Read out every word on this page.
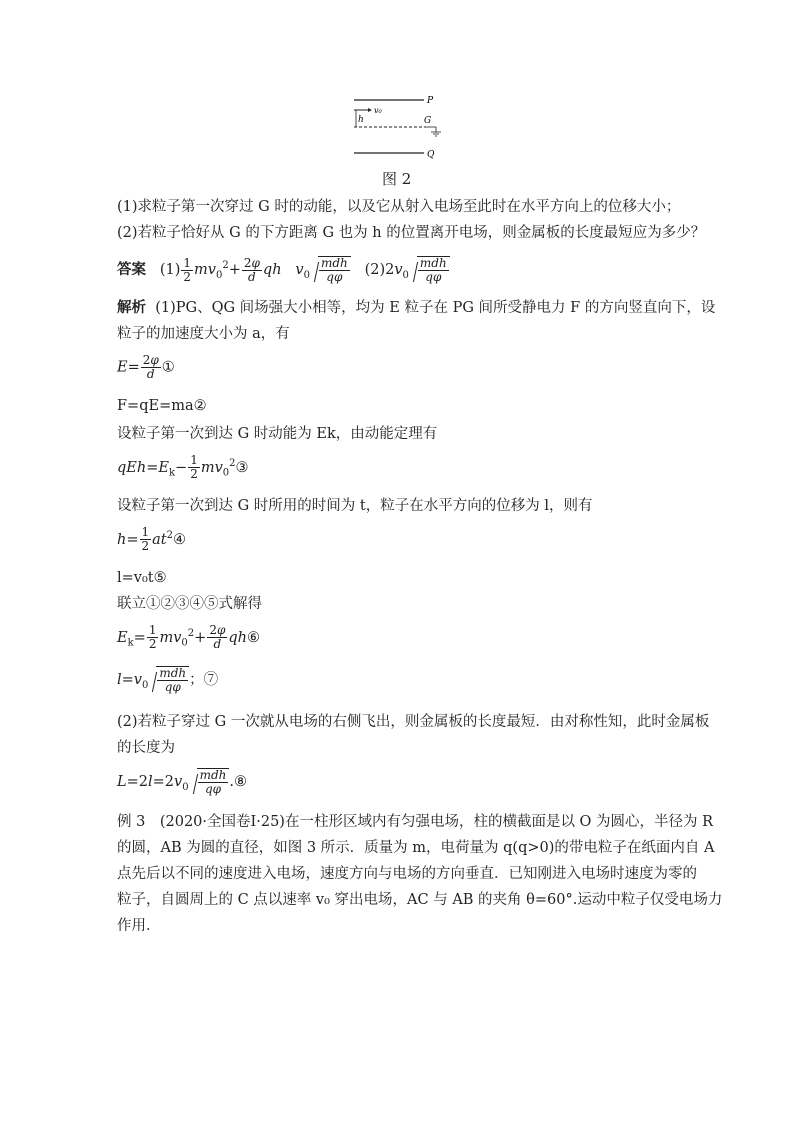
P
G
Q
h
v₀
图 2
(1)求粒子第一次穿过 G 时的动能，以及它从射入电场至此时在水平方向上的位移大小；
(2)若粒子恰好从 G 的下方距离 G 也为 h 的位置离开电场，则金属板的长度最短应为多少？
答案   $(1) \frac{1}{2} mv_0^2+ \frac{2\varphi}{d}$ qh $v_0 \frac{\text{mdh}}{q\varphi} (2)2v_0 \frac{\text{mdh}}{q\varphi}$
解析 (1)PG、QG 间场强大小相等，均为 E 粒子在 PG 间所受静电力 F 的方向竖直向下，设
粒子的加速度大小为 a，有
$E= \frac{2\varphi}{d}$ ①
F=qE=ma②
设粒子第一次到达 G 时动能为 Ek，由动能定理有
$qEh=E_k- \frac{1}{2}$ $mv_0^2③$
设粒子第一次到达 G 时所用的时间为 t，粒子在水平方向的位移为 l，则有
$h= \frac{1}{2}$ $at^2④$
l=v₀t⑤
联立①②③④⑤式解得
$E_k= \frac{1}{2} mv_0^2+ \frac{2\varphi}{d}$ qh⑥
$l=v_0 \frac{\text{mdh}}{q\varphi}$ ；⑦
(2)若粒子穿过 G 一次就从电场的右侧飞出，则金属板的长度最短．由对称性知，此时金属板
的长度为
$L=2l=2v_0 \frac{\text{mdh}}{q\varphi}$ .⑧
例 3　(2020·全国卷Ⅰ·25)在一柱形区域内有匀强电场，柱的横截面是以 O 为圆心，半径为 R
的圆，AB 为圆的直径，如图 3 所示．质量为 m，电荷量为 q(q>0)的带电粒子在纸面内自 A
点先后以不同的速度进入电场，速度方向与电场的方向垂直．已知刚进入电场时速度为零的
粒子，自圆周上的 C 点以速率 v₀ 穿出电场，AC 与 AB 的夹角 θ=60°.运动中粒子仅受电场力
作用．
